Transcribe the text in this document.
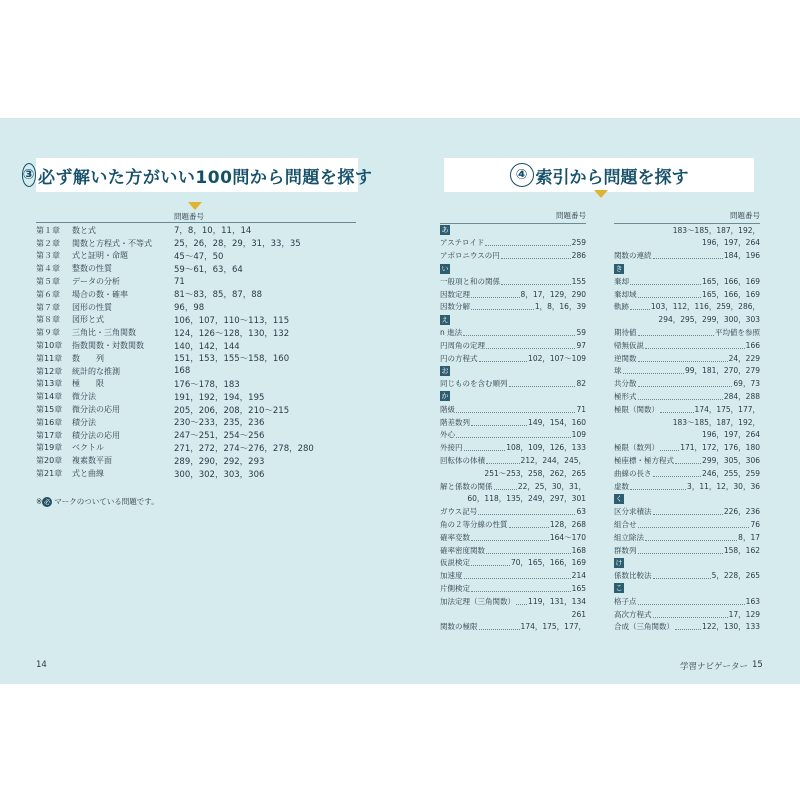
③ 必ず解いた方がいい100問から問題を探す
問題番号
第１章	数と式	7，8，10，11，14
第２章	関数と方程式・不等式	25，26，28，29，31，33，35
第３章	式と証明・命題	45〜47，50
第４章	整数の性質	59〜61，63，64
第５章	データの分析	71
第６章	場合の数・確率	81〜83，85，87，88
第７章	図形の性質	96，98
第８章	図形と式	106，107，110〜113，115
第９章	三角比・三角関数	124，126〜128，130，132
第10章	指数関数・対数関数	140，142，144
第11章	数　　列	151，153，155〜158，160
第12章	統計的な推測	168
第13章	極　　限	176〜178，183
第14章	微分法	191，192，194，195
第15章	微分法の応用	205，206，208，210〜215
第16章	積分法	230〜233，235，236
第17章	積分法の応用	247〜251，254〜256
第19章	ベクトル	271，272，274〜276，278，280
第20章	複素数平面	289，290，292，293
第21章	式と曲線	300，302，303，306
※ 必 マークのついている問題です。
14
④ 索引から問題を探す
問題番号
あ
アステロイド	259
アポロニウスの円	286
い
一般項と和の関係	155
因数定理	8，17，129，290
因数分解	1，8，16，39
え
n 進法	59
円周角の定理	97
円の方程式	102，107〜109
お
同じものを含む順列	82
か
階級	71
階差数列	149，154，160
外心	109
外接円	108，109，126，133
回転体の体積	212，244，245，
251〜253，258，262，265
解と係数の関係	22，25，30，31，
60，118，135，249，297，301
ガウス記号	63
角の２等分線の性質	128，268
確率変数	164〜170
確率密度関数	168
仮説検定	70，165，166，169
加速度	214
片側検定	165
加法定理（三角関数） 119，131，134
261
関数の極限	174，175，177，
問題番号
183〜185，187，192，
196，197，264
関数の連続	184，196
き
棄却	165，166，169
棄却域	165，166，169
軌跡	103，112，116，259，286，
294，295，299，300，303
期待値	平均値を参照
帰無仮説	166
逆関数	24，229
球	99，181，270，279
共分散	69，73
極形式	284，288
極限（関数）	174，175，177，
183〜185，187，192，
196，197，264
極限（数列）	171，172，176，180
極座標・極方程式	299，305，306
曲線の長さ	246，255，259
虚数	3，11，12，30，36
く
区分求積法	226，236
組合せ	76
組立除法	8，17
群数列	158，162
け
係数比較法	5，228，265
こ
格子点	163
高次方程式	17，129
合成（三角関数）	122，130，133
学習ナビゲーター 15
